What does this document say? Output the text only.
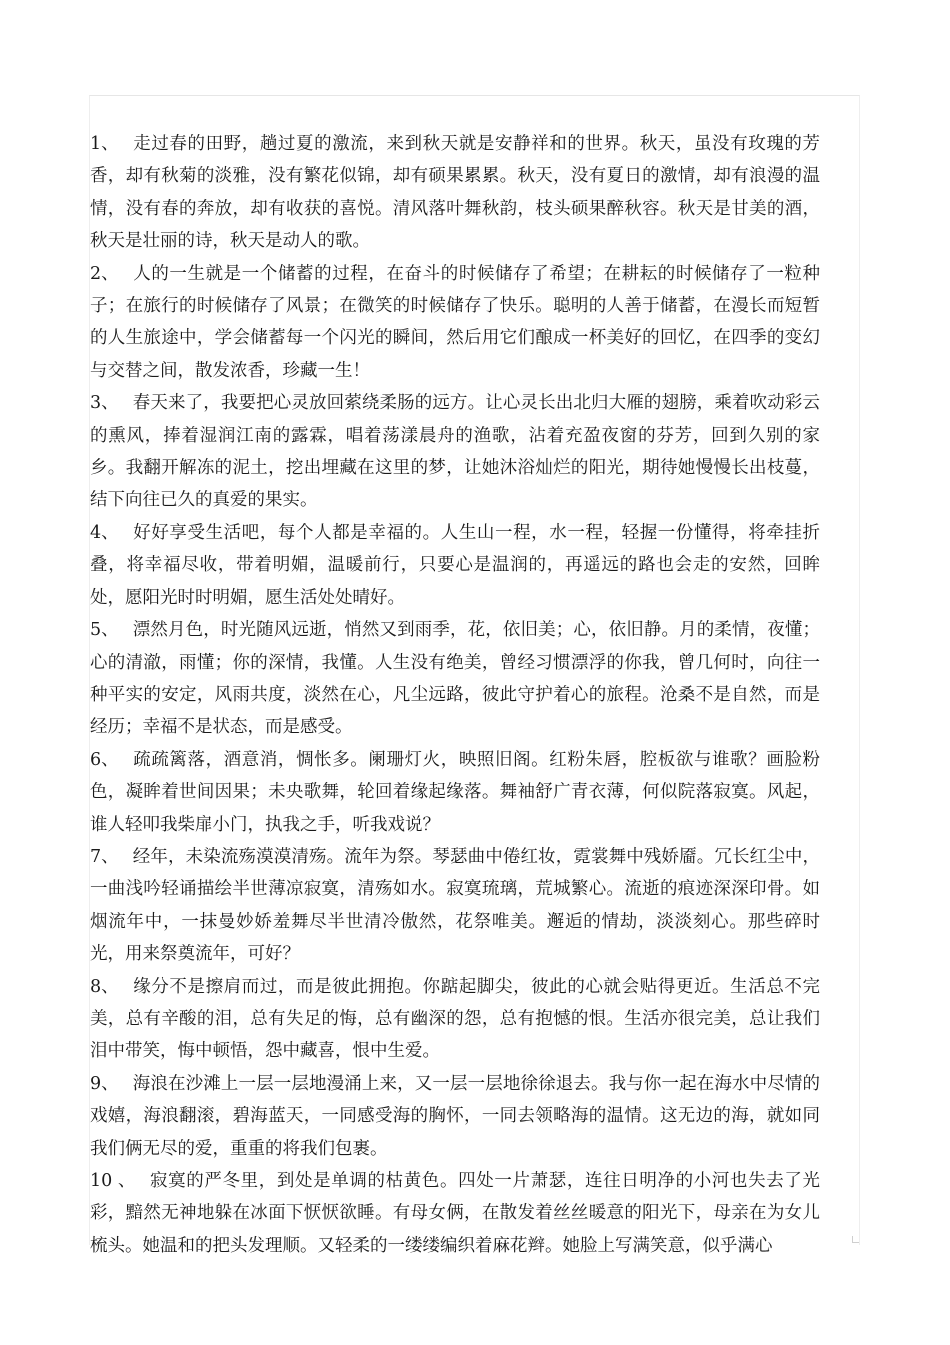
1、 走过春的田野，趟过夏的激流，来到秋天就是安静祥和的世界。秋天，虽没有玫瑰的芳香，却有秋菊的淡雅，没有繁花似锦，却有硕果累累。秋天，没有夏日的激情，却有浪漫的温情，没有春的奔放，却有收获的喜悦。清风落叶舞秋韵，枝头硕果醉秋容。秋天是甘美的酒，秋天是壮丽的诗，秋天是动人的歌。

2、 人的一生就是一个储蓄的过程，在奋斗的时候储存了希望；在耕耘的时候储存了一粒种子；在旅行的时候储存了风景；在微笑的时候储存了快乐。聪明的人善于储蓄，在漫长而短暂的人生旅途中，学会储蓄每一个闪光的瞬间，然后用它们酿成一杯美好的回忆，在四季的变幻与交替之间，散发浓香，珍藏一生！

3、 春天来了，我要把心灵放回萦绕柔肠的远方。让心灵长出北归大雁的翅膀，乘着吹动彩云的熏风，捧着湿润江南的露霖，唱着荡漾晨舟的渔歌，沾着充盈夜窗的芬芳，回到久别的家乡。我翻开解冻的泥土，挖出埋藏在这里的梦，让她沐浴灿烂的阳光，期待她慢慢长出枝蔓，结下向往已久的真爱的果实。

4、 好好享受生活吧，每个人都是幸福的。人生山一程，水一程，轻握一份懂得，将牵挂折叠，将幸福尽收，带着明媚，温暖前行，只要心是温润的，再遥远的路也会走的安然，回眸处，愿阳光时时明媚，愿生活处处晴好。

5、 漂然月色，时光随风远逝，悄然又到雨季，花，依旧美；心，依旧静。月的柔情，夜懂；心的清澈，雨懂；你的深情，我懂。人生没有绝美，曾经习惯漂浮的你我，曾几何时，向往一种平实的安定，风雨共度，淡然在心，凡尘远路，彼此守护着心的旅程。沧桑不是自然，而是经历；幸福不是状态，而是感受。

6、 疏疏篱落，酒意消，惆怅多。阑珊灯火，映照旧阁。红粉朱唇，腔板欲与谁歌？画脸粉色，凝眸着世间因果；未央歌舞，轮回着缘起缘落。舞袖舒广青衣薄，何似院落寂寞。风起，谁人轻叩我柴扉小门，执我之手，听我戏说？

7、 经年，未染流殇漠漠清殇。流年为祭。琴瑟曲中倦红妆，霓裳舞中残娇靥。冗长红尘中，一曲浅吟轻诵描绘半世薄凉寂寞，清殇如水。寂寞琉璃，荒城繁心。流逝的痕迹深深印骨。如烟流年中，一抹曼妙娇羞舞尽半世清冷傲然，花祭唯美。邂逅的情劫，淡淡刻心。那些碎时光，用来祭奠流年，可好？

8、 缘分不是擦肩而过，而是彼此拥抱。你踮起脚尖，彼此的心就会贴得更近。生活总不完美，总有辛酸的泪，总有失足的悔，总有幽深的怨，总有抱憾的恨。生活亦很完美，总让我们泪中带笑，悔中顿悟，怨中藏喜，恨中生爱。

9、 海浪在沙滩上一层一层地漫涌上来，又一层一层地徐徐退去。我与你一起在海水中尽情的戏嬉，海浪翻滚，碧海蓝天，一同感受海的胸怀，一同去领略海的温情。这无边的海，就如同我们俩无尽的爱，重重的将我们包裹。

10 、 寂寞的严冬里，到处是单调的枯黄色。四处一片萧瑟，连往日明净的小河也失去了光彩，黯然无神地躲在冰面下恹恹欲睡。有母女俩，在散发着丝丝暖意的阳光下，母亲在为女儿梳头。她温和的把头发理顺。又轻柔的一缕缕编织着麻花辫。她脸上写满笑意，似乎满心
